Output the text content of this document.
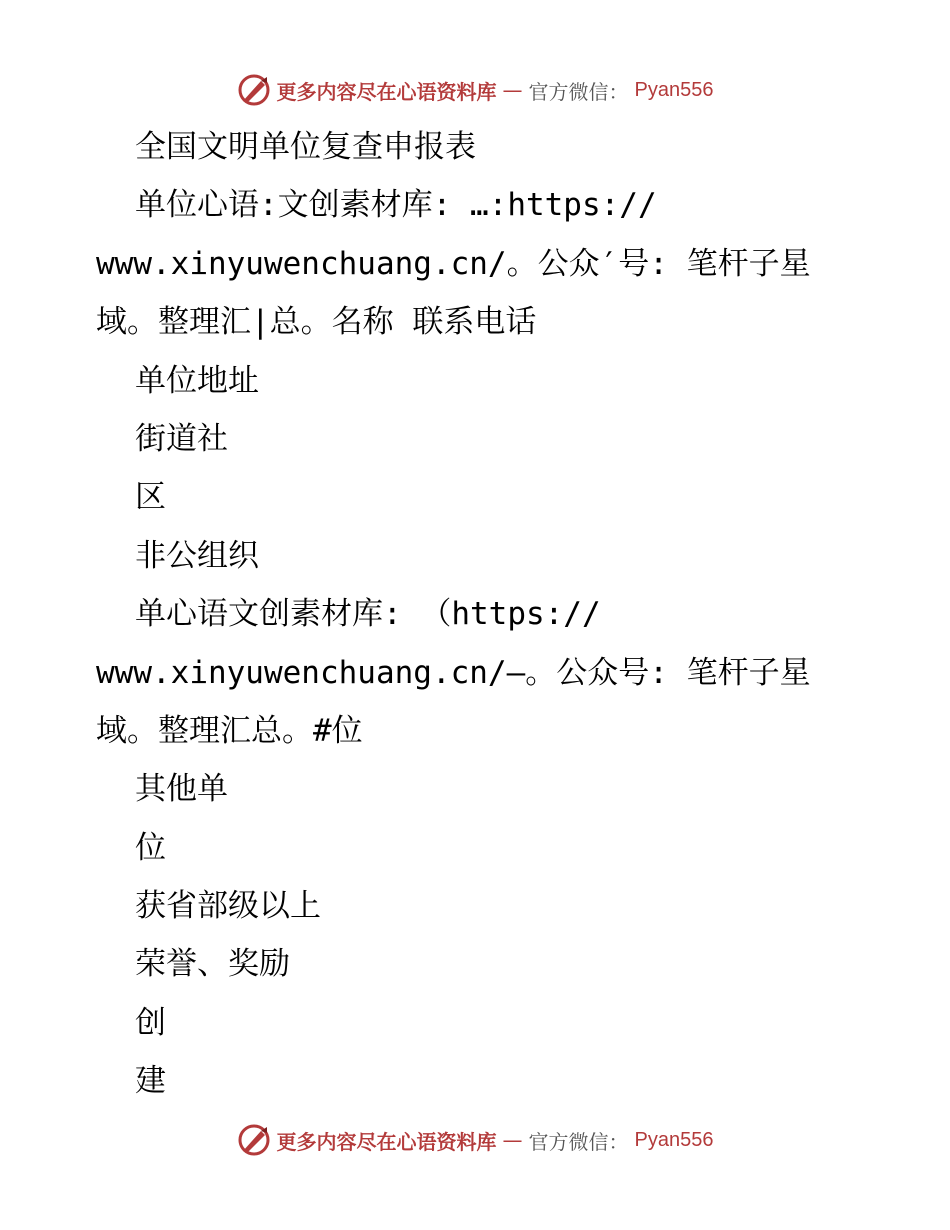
更多内容尽在心语资料库 — 官方微信： Pyan556
全国文明单位复查申报表
单位心语:文创素材库: …:https://
www.xinyuwenchuang.cn/。公众′号: 笔杆子星
域。整理汇|总。名称 联系电话
单位地址
街道社
区
非公组织
单心语文创素材库: （https://
www.xinyuwenchuang.cn/—。公众号: 笔杆子星
域。整理汇总。#位
其他单
位
获省部级以上
荣誉、奖励
创
建
更多内容尽在心语资料库 — 官方微信： Pyan556
